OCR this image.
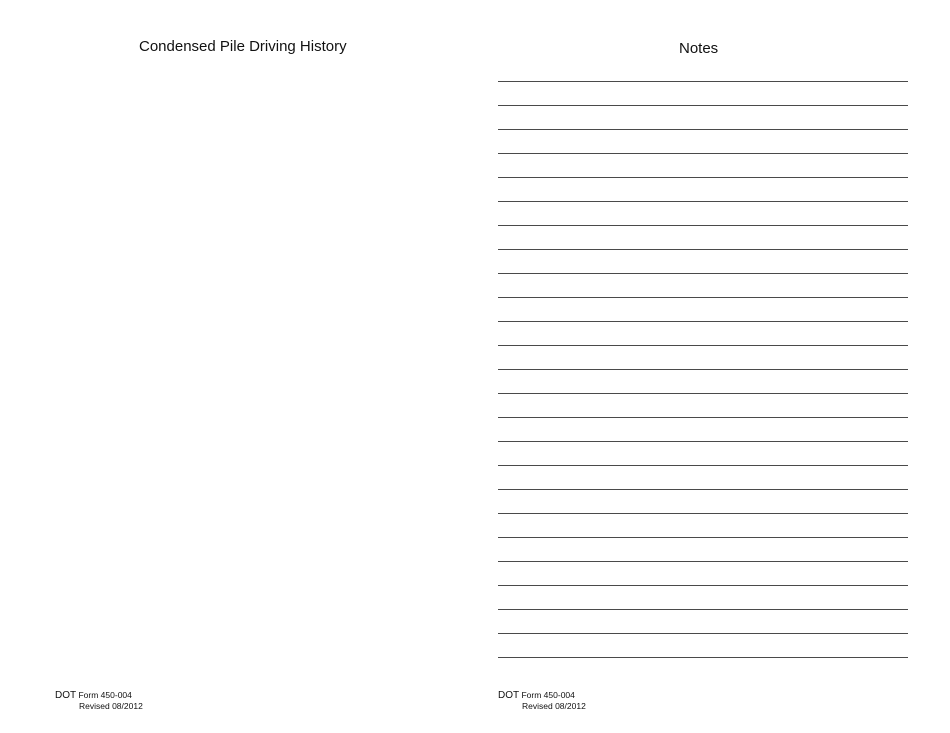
Condensed Pile Driving History
DOT Form 450-004
Revised 08/2012
Notes
DOT Form 450-004
Revised 08/2012
